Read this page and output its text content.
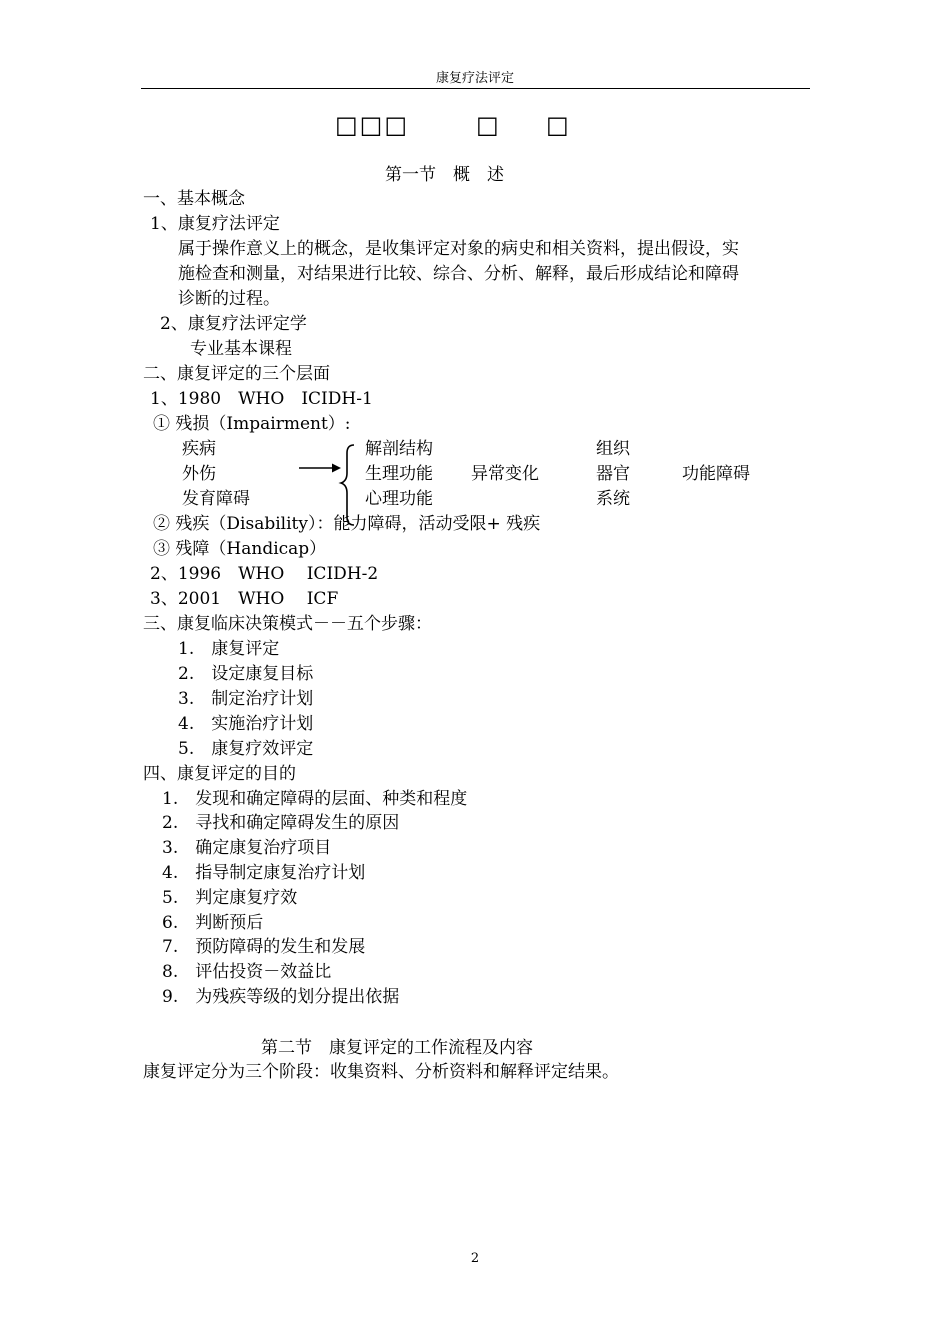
康复疗法评定
□□□	□ □
第一节　概　述
一、基本概念
1、康复疗法评定
属于操作意义上的概念，是收集评定对象的病史和相关资料，提出假设，实
施检查和测量，对结果进行比较、综合、分析、解释，最后形成结论和障碍
诊断的过程。
2、康复疗法评定学
专业基本课程
二、康复评定的三个层面
1、1980　WHO　ICIDH-1
① 残损（Impairment）:
疾病
外伤
发育障碍
解剖结构
生理功能
心理功能
异常变化
组织
器官
系统
功能障碍
② 残疾（Disability）：能力障碍，活动受限+ 残疾
③ 残障（Handicap）
2、1996　WHO　 ICIDH-2
3、2001　WHO　 ICF
三、康复临床决策模式－－五个步骤：
1.　康复评定
2.　设定康复目标
3.　制定治疗计划
4.　实施治疗计划
5.　康复疗效评定
四、康复评定的目的
1.　发现和确定障碍的层面、种类和程度
2.　寻找和确定障碍发生的原因
3.　确定康复治疗项目
4.　指导制定康复治疗计划
5.　判定康复疗效
6.　判断预后
7.　预防障碍的发生和发展
8.　评估投资－效益比
9.　为残疾等级的划分提出依据
第二节　康复评定的工作流程及内容
康复评定分为三个阶段：收集资料、分析资料和解释评定结果。
2
